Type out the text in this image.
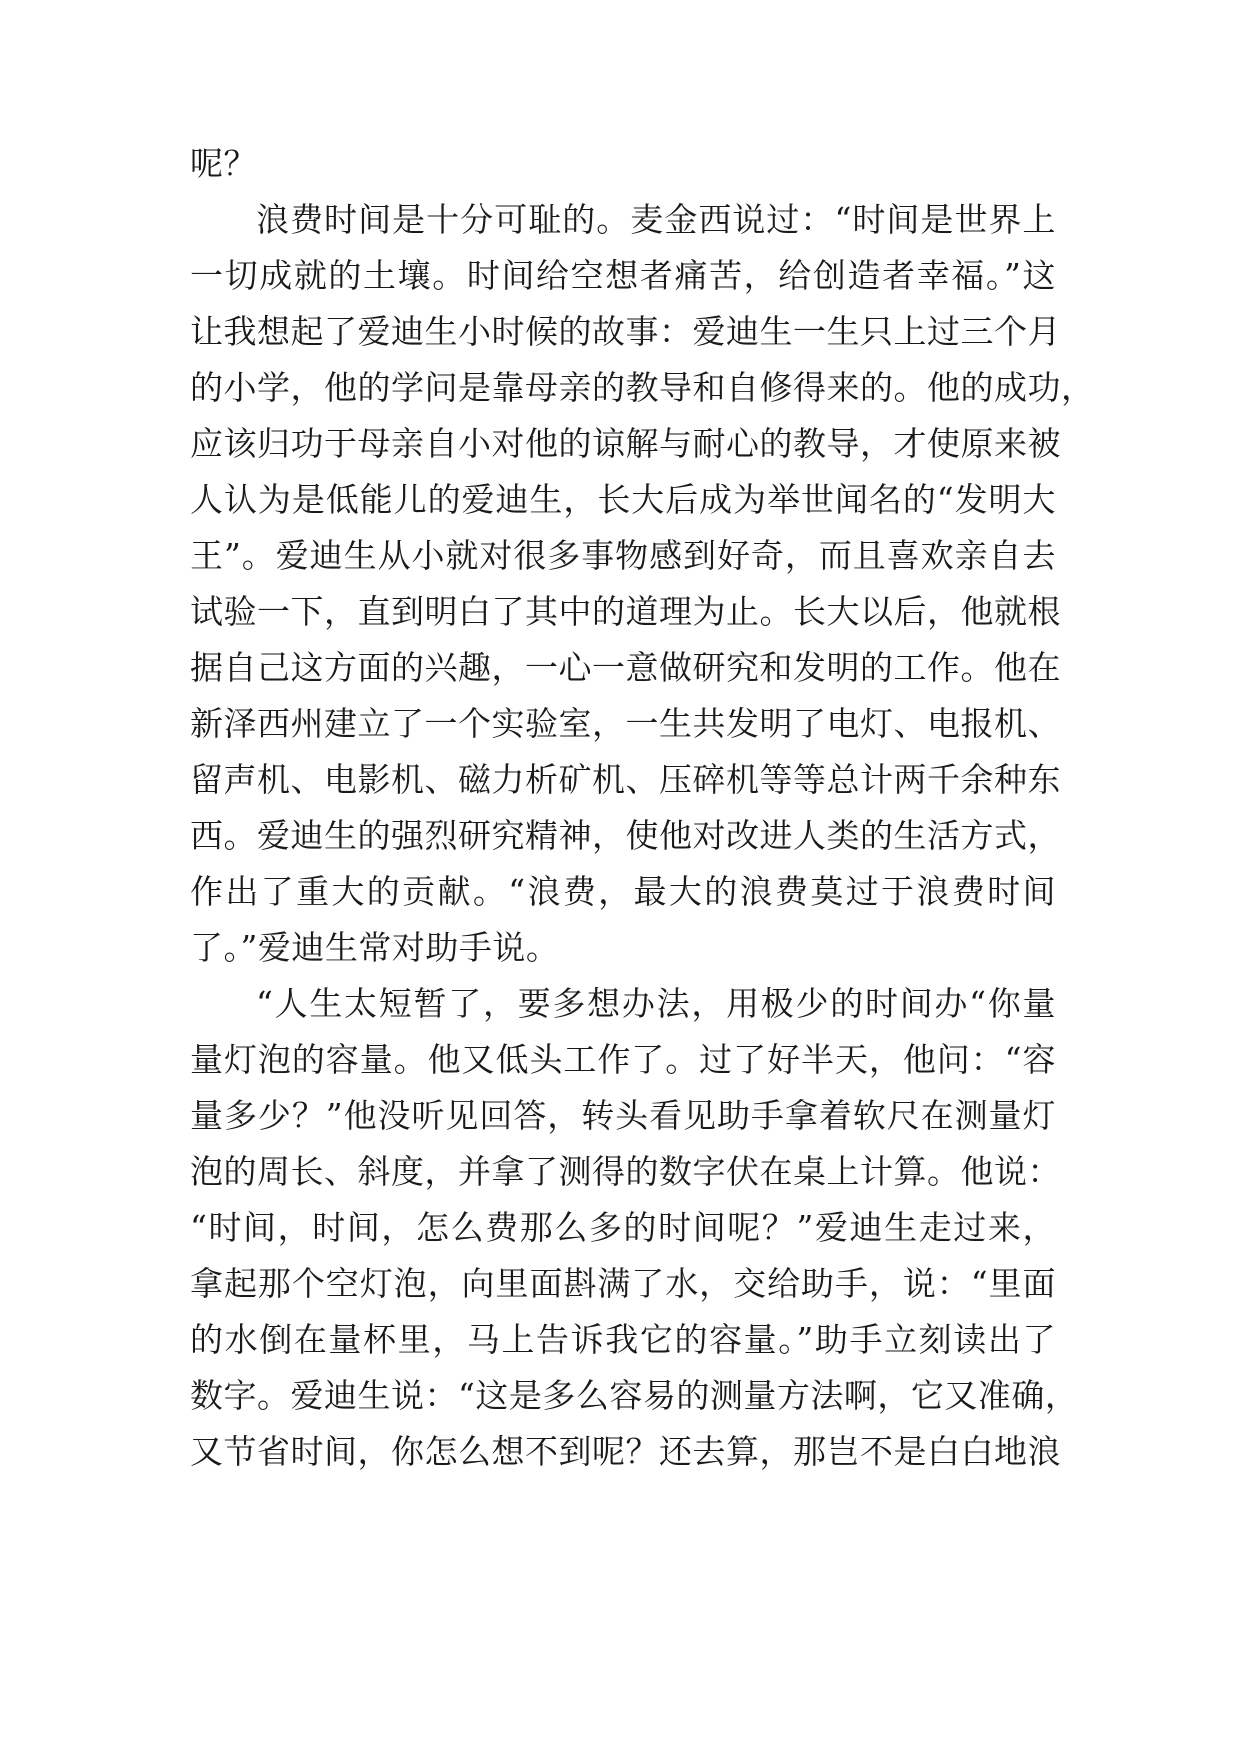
呢？
浪费时间是十分可耻的。麦金西说过：“时间是世界上
一切成就的土壤。时间给空想者痛苦，给创造者幸福。”这
让我想起了爱迪生小时候的故事：爱迪生一生只上过三个月
的小学，他的学问是靠母亲的教导和自修得来的。他的成功，
应该归功于母亲自小对他的谅解与耐心的教导，才使原来被
人认为是低能儿的爱迪生，长大后成为举世闻名的“发明大
王”。爱迪生从小就对很多事物感到好奇，而且喜欢亲自去
试验一下，直到明白了其中的道理为止。长大以后，他就根
据自己这方面的兴趣，一心一意做研究和发明的工作。他在
新泽西州建立了一个实验室，一生共发明了电灯、电报机、
留声机、电影机、磁力析矿机、压碎机等等总计两千余种东
西。爱迪生的强烈研究精神，使他对改进人类的生活方式，
作出了重大的贡献。“浪费，最大的浪费莫过于浪费时间
了。”爱迪生常对助手说。
“人生太短暂了，要多想办法，用极少的时间办“你量
量灯泡的容量。他又低头工作了。过了好半天，他问：“容
量多少？”他没听见回答，转头看见助手拿着软尺在测量灯
泡的周长、斜度，并拿了测得的数字伏在桌上计算。他说：
“时间，时间，怎么费那么多的时间呢？”爱迪生走过来，
拿起那个空灯泡，向里面斟满了水，交给助手，说：“里面
的水倒在量杯里，马上告诉我它的容量。”助手立刻读出了
数字。爱迪生说：“这是多么容易的测量方法啊，它又准确，
又节省时间，你怎么想不到呢？还去算，那岂不是白白地浪
